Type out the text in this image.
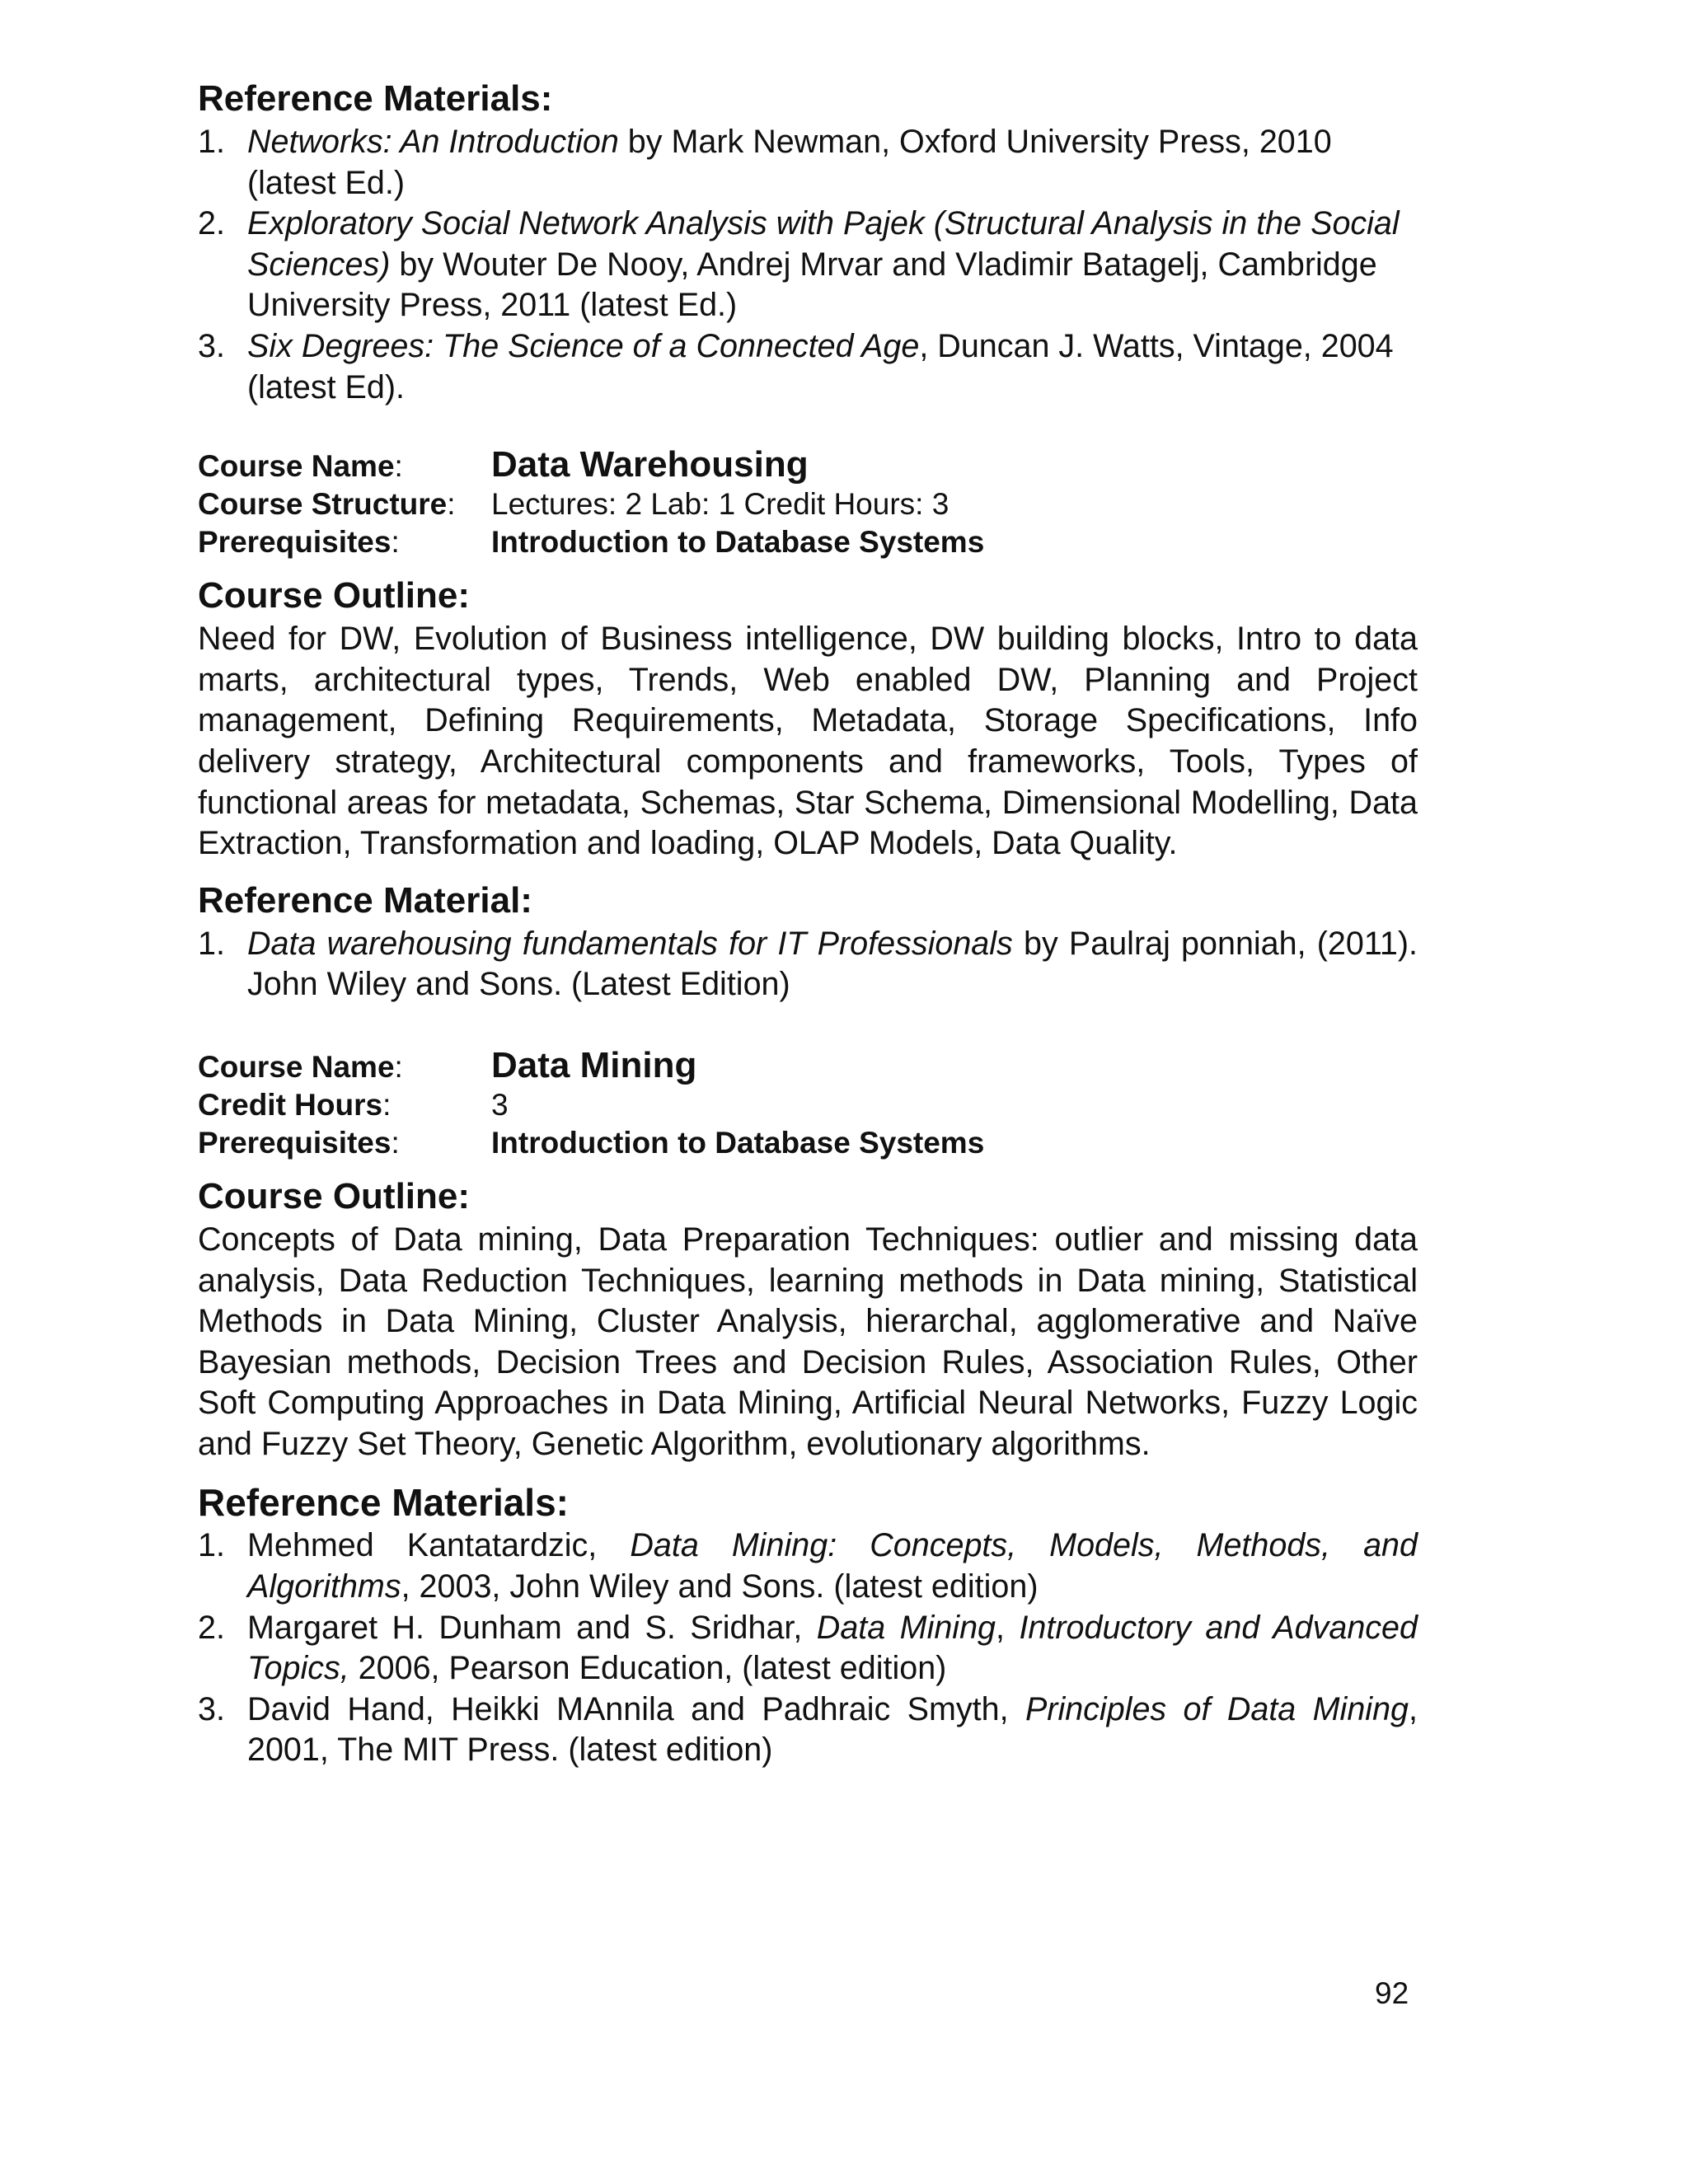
Reference Materials:
1. Networks: An Introduction by Mark Newman, Oxford University Press, 2010 (latest Ed.)
2. Exploratory Social Network Analysis with Pajek (Structural Analysis in the Social Sciences) by Wouter De Nooy, Andrej Mrvar and Vladimir Batagelj, Cambridge University Press, 2011 (latest Ed.)
3. Six Degrees: The Science of a Connected Age, Duncan J. Watts, Vintage, 2004 (latest Ed).
Course Name:	Data Warehousing
Course Structure:	Lectures: 2 Lab: 1 Credit Hours: 3
Prerequisites:	Introduction to Database Systems
Course Outline:
Need for DW, Evolution of Business intelligence, DW building blocks, Intro to data marts, architectural types, Trends, Web enabled DW, Planning and Project management, Defining Requirements, Metadata, Storage Specifications, Info delivery strategy, Architectural components and frameworks, Tools, Types of functional areas for metadata, Schemas, Star Schema, Dimensional Modelling, Data Extraction, Transformation and loading, OLAP Models, Data Quality.
Reference Material:
1. Data warehousing fundamentals for IT Professionals by Paulraj ponniah, (2011). John Wiley and Sons. (Latest Edition)
Course Name:	Data Mining
Credit Hours:	3
Prerequisites:	Introduction to Database Systems
Course Outline:
Concepts of Data mining, Data Preparation Techniques: outlier and missing data analysis, Data Reduction Techniques, learning methods in Data mining, Statistical Methods in Data Mining, Cluster Analysis, hierarchal, agglomerative and Naïve Bayesian methods, Decision Trees and Decision Rules, Association Rules, Other Soft Computing Approaches in Data Mining, Artificial Neural Networks, Fuzzy Logic and Fuzzy Set Theory, Genetic Algorithm, evolutionary algorithms.
Reference Materials:
1. Mehmed Kantatardzic, Data Mining: Concepts, Models, Methods, and Algorithms, 2003, John Wiley and Sons. (latest edition)
2. Margaret H. Dunham and S. Sridhar, Data Mining, Introductory and Advanced Topics, 2006, Pearson Education, (latest edition)
3. David Hand, Heikki MAnnila and Padhraic Smyth, Principles of Data Mining, 2001, The MIT Press. (latest edition)
92
